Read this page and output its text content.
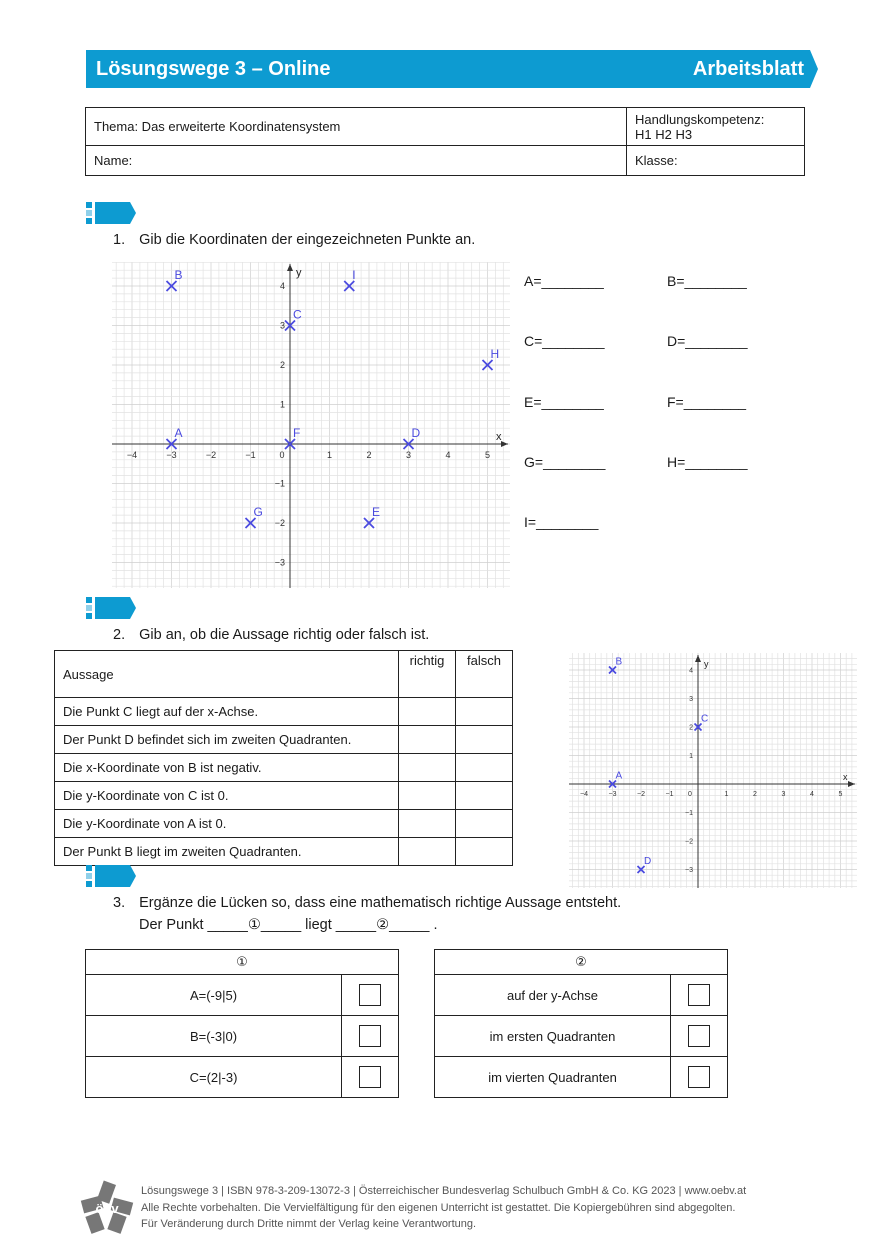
Lösungswege 3 – Online	Arbeitsblatt
Thema: Das erweiterte Koordinatensystem	Handlungskompetenz:
H1 H2 H3

Name:	Klasse:
1. Gib die Koordinaten der eingezeichneten Punkte an.
x
y
−4	−3	−2	−1	0	1	2	3	4	5
4
3
2
1
−1
−2
−3
A
B
C
D
E
F
G
H
I	A=________	B=________
C=________	D=________
E=________	F=________
G=________	H=________
I=________
2. Gib an, ob die Aussage richtig oder falsch ist.
Aussage	richtig	falsch
Die Punkt C liegt auf der x-Achse.		
Der Punkt D befindet sich im zweiten Quadranten.		
Die x-Koordinate von B ist negativ.		
Die y-Koordinate von C ist 0.		
Die y-Koordinate von A ist 0.		
Der Punkt B liegt im zweiten Quadranten.		
x
y
−4	−3	−2	−1 0	1	2	3	4	5
4
3
2
1
−1
−2
−3
B
C
A
D
3. Ergänze die Lücken so, dass eine mathematisch richtige Aussage entsteht.
Der Punkt _____①_____ liegt _____②_____ .
①	
A=(-9|5)	
B=(-3|0)	
C=(2|-3)	
②	
auf der y-Achse	
im ersten Quadranten	
im vierten Quadranten	
öbv
Lösungswege 3 | ISBN 978-3-209-13072-3 | Österreichischer Bundesverlag Schulbuch GmbH & Co. KG 2023 | www.oebv.at
Alle Rechte vorbehalten. Die Vervielfältigung für den eigenen Unterricht ist gestattet. Die Kopiergebühren sind abgegolten.
Für Veränderung durch Dritte nimmt der Verlag keine Verantwortung.
